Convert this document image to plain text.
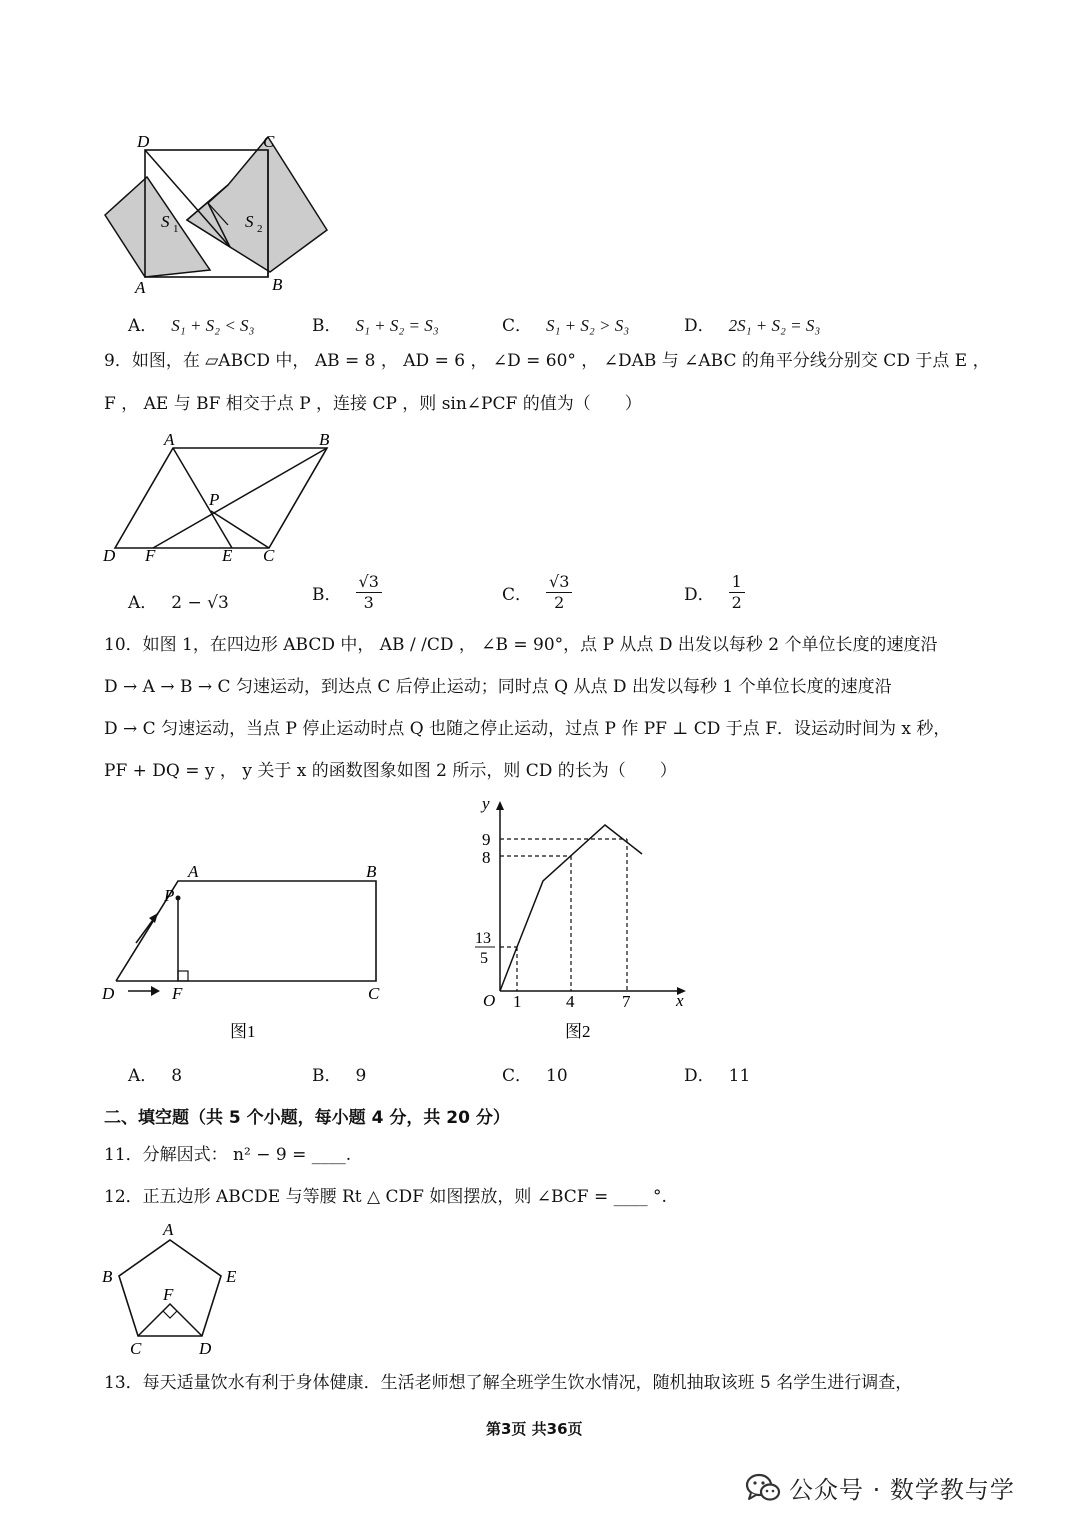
D	C
A	B
S 1	S 2
A． S₁ + S₂ < S₃	B． S₁ + S₂ = S₃	C． S₁ + S₂ > S₃	D． 2S₁ + S₂ = S₃
9．如图，在 ▱ABCD 中， AB = 8 ， AD = 6 ， ∠D = 60° ， ∠DAB 与 ∠ABC 的角平分线分别交 CD 于点 E ，
F ， AE 与 BF 相交于点 P ，连接 CP ，则 sin∠PCF 的值为（　　）
A	B
P
D F	E C
A． 2 − √3	B． $\frac{√3}{3}$	C． $\frac{√3}{2}$	D． $\frac{1}{2}$
10．如图 1，在四边形 ABCD 中， AB / /CD ， ∠B = 90°，点 P 从点 D 出发以每秒 2 个单位长度的速度沿
D → A → B → C 匀速运动，到达点 C 后停止运动；同时点 Q 从点 D 出发以每秒 1 个单位长度的速度沿
D → C 匀速运动，当点 P 停止运动时点 Q 也随之停止运动，过点 P 作 PF ⊥ CD 于点 F．设运动时间为 x 秒，
PF + DQ = y ， y 关于 x 的函数图象如图 2 所示，则 CD 的长为（　　）
A	B
P
D	F	C
图1
y
x
O
9
8
13
5
1	4	7
图2
A． 8	B． 9	C． 10	D． 11
二、填空题（共 5 个小题，每小题 4 分，共 20 分）
11．分解因式： n² − 9 = ____.
12．正五边形 ABCDE 与等腰 Rt △ CDF 如图摆放，则 ∠BCF = ____ °.
A
B	E
F
C	D
13．每天适量饮水有利于身体健康．生活老师想了解全班学生饮水情况，随机抽取该班 5 名学生进行调查，
第3页 共36页
公众号 · 数学教与学
